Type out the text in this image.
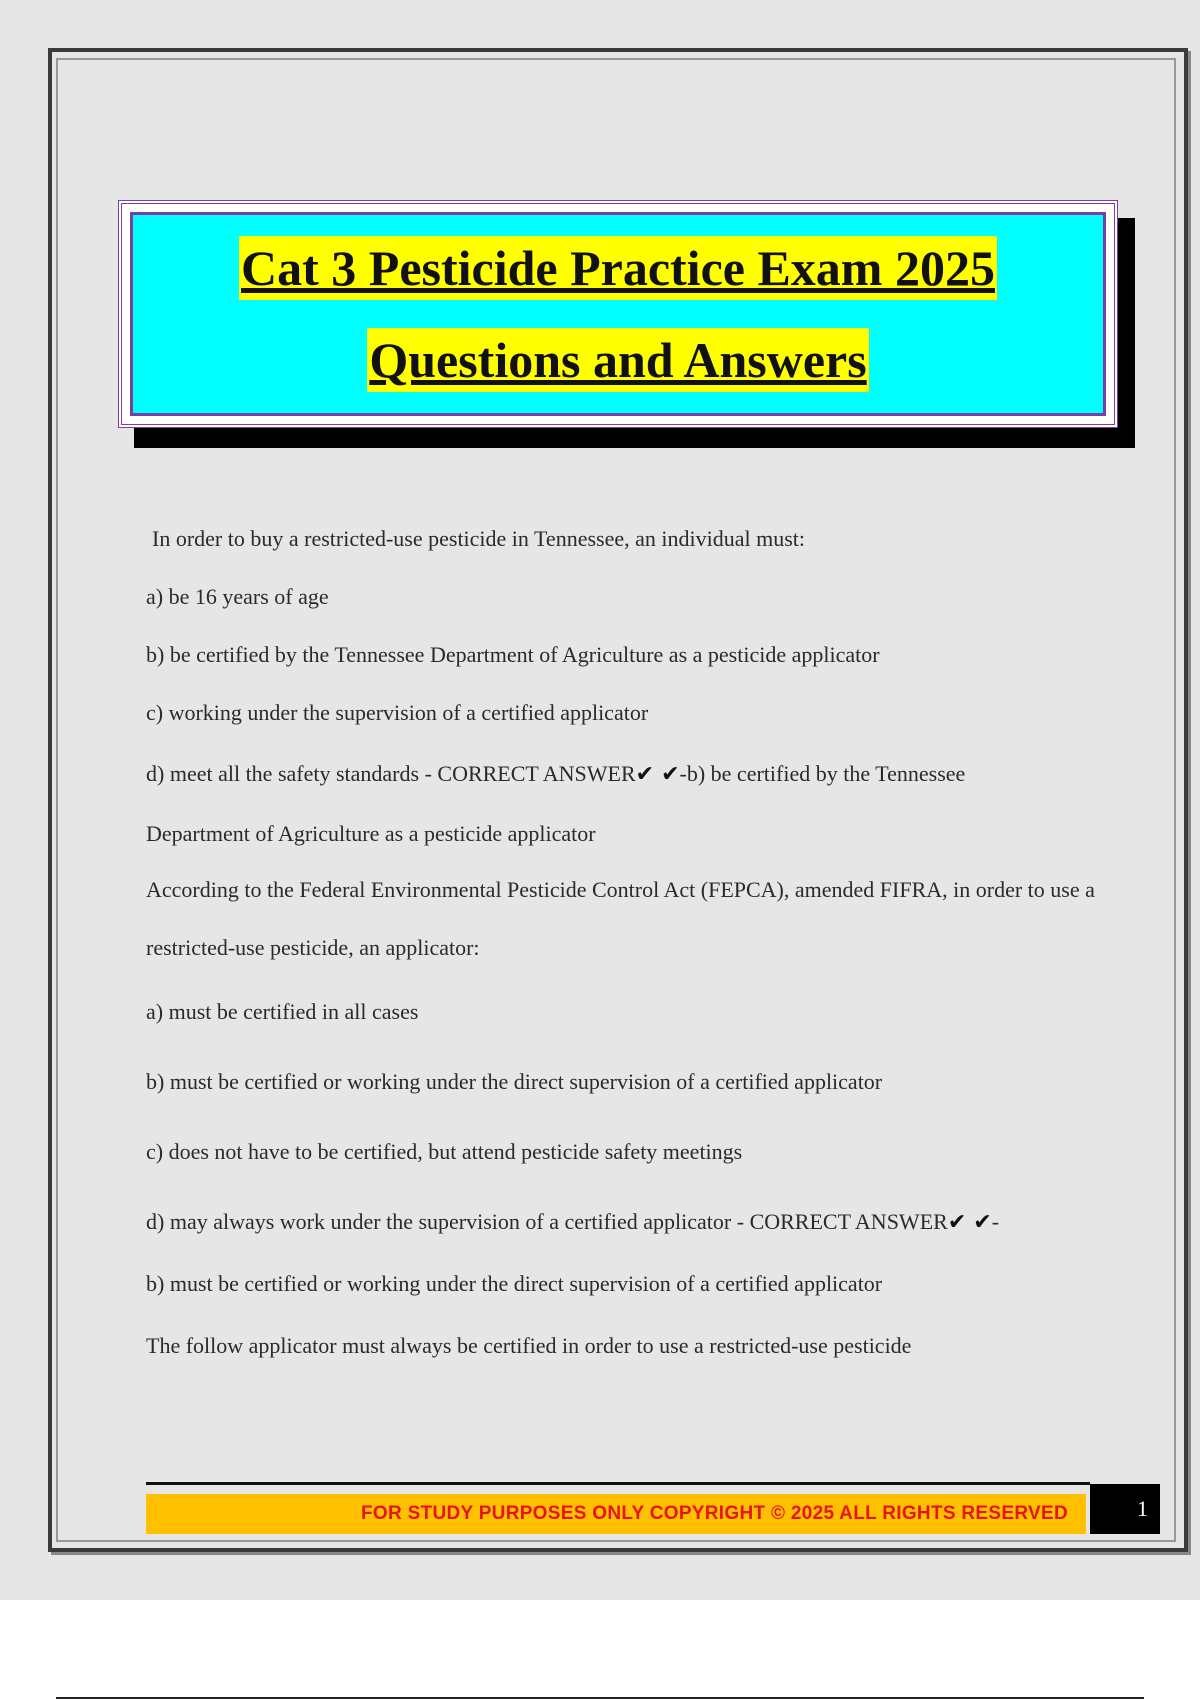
Cat 3 Pesticide Practice Exam 2025
Questions and Answers

In order to buy a restricted-use pesticide in Tennessee, an individual must:

a) be 16 years of age

b) be certified by the Tennessee Department of Agriculture as a pesticide applicator

c) working under the supervision of a certified applicator

d) meet all the safety standards - CORRECT ANSWER✔ ✔-b) be certified by the Tennessee

Department of Agriculture as a pesticide applicator

According to the Federal Environmental Pesticide Control Act (FEPCA), amended FIFRA, in order to use a restricted-use pesticide, an applicator:

a) must be certified in all cases

b) must be certified or working under the direct supervision of a certified applicator

c) does not have to be certified, but attend pesticide safety meetings

d) may always work under the supervision of a certified applicator - CORRECT ANSWER✔ ✔-

b) must be certified or working under the direct supervision of a certified applicator

The follow applicator must always be certified in order to use a restricted-use pesticide

FOR STUDY PURPOSES ONLY COPYRIGHT © 2025 ALL RIGHTS RESERVED	1
